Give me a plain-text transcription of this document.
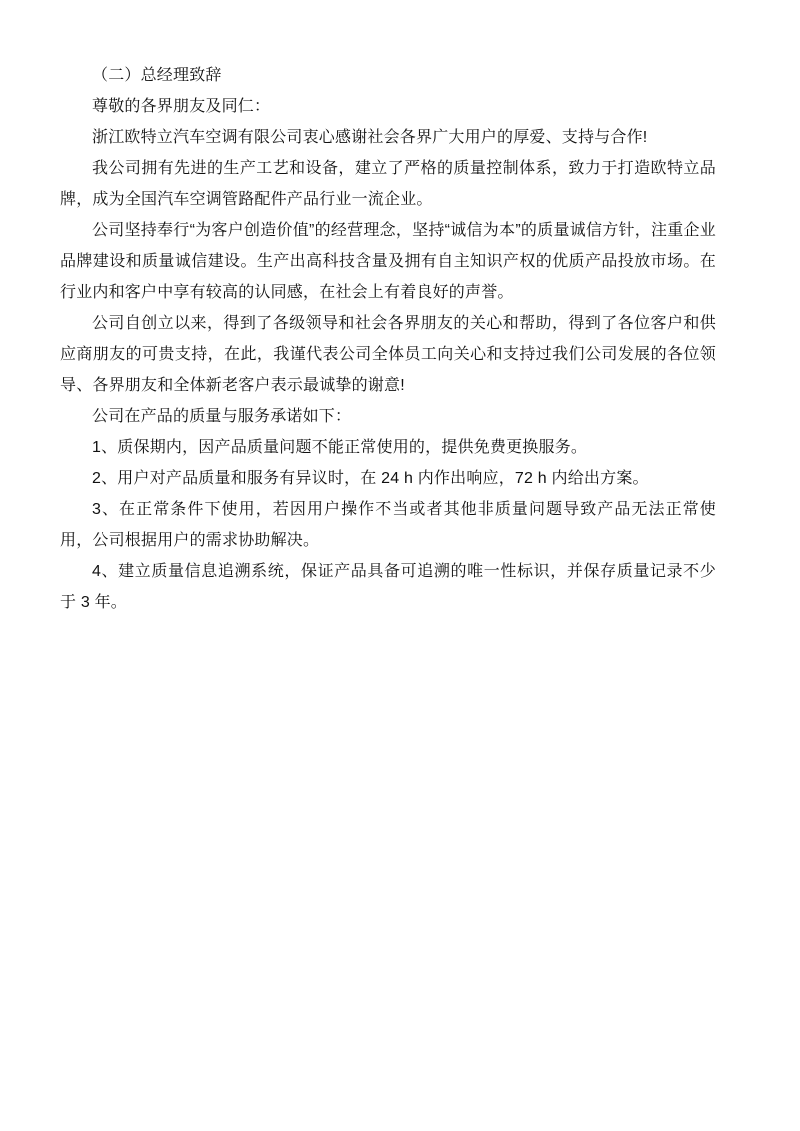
（二）总经理致辞

尊敬的各界朋友及同仁：

浙江欧特立汽车空调有限公司衷心感谢社会各界广大用户的厚爱、支持与合作!

我公司拥有先进的生产工艺和设备，建立了严格的质量控制体系，致力于打造欧特立品牌，成为全国汽车空调管路配件产品行业一流企业。

公司坚持奉行“为客户创造价值”的经营理念，坚持“诚信为本”的质量诚信方针，注重企业品牌建设和质量诚信建设。生产出高科技含量及拥有自主知识产权的优质产品投放市场。在行业内和客户中享有较高的认同感，在社会上有着良好的声誉。

公司自创立以来，得到了各级领导和社会各界朋友的关心和帮助，得到了各位客户和供应商朋友的可贵支持，在此，我谨代表公司全体员工向关心和支持过我们公司发展的各位领导、各界朋友和全体新老客户表示最诚挚的谢意!

公司在产品的质量与服务承诺如下：

1、质保期内，因产品质量问题不能正常使用的，提供免费更换服务。

2、用户对产品质量和服务有异议时，在 24 h 内作出响应，72 h 内给出方案。

3、在正常条件下使用，若因用户操作不当或者其他非质量问题导致产品无法正常使用，公司根据用户的需求协助解决。

4、建立质量信息追溯系统，保证产品具备可追溯的唯一性标识，并保存质量记录不少于 3 年。
